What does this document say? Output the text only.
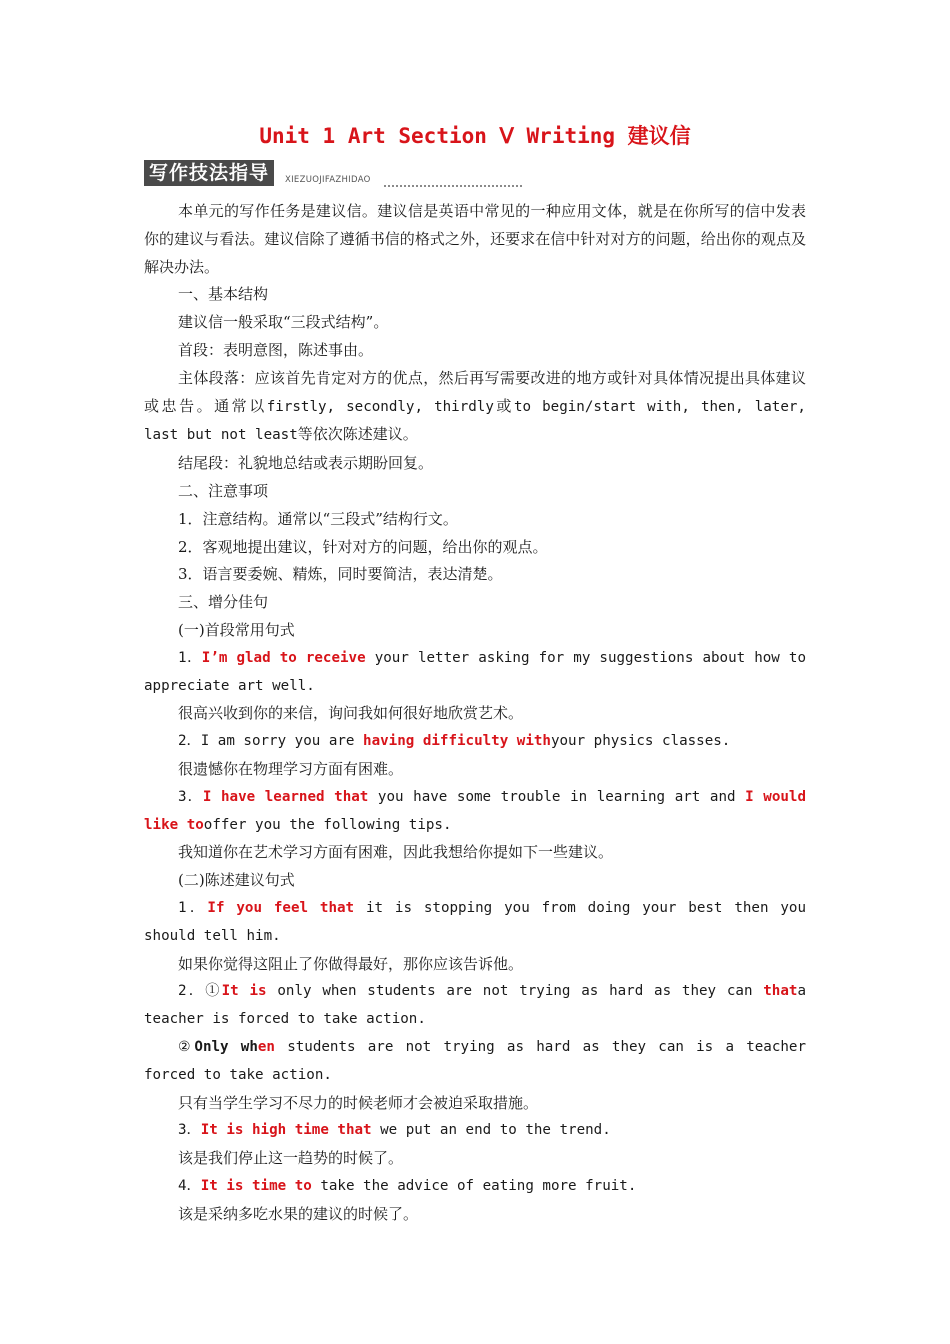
Unit 1 Art Section Ⅴ Writing 建议信
写作技法指导	XIEZUOJIFAZHIDAO

本单元的写作任务是建议信。建议信是英语中常见的一种应用文体，就是在你所写的信中发表你的建议与看法。建议信除了遵循书信的格式之外，还要求在信中针对对方的问题，给出你的观点及解决办法。

一、基本结构

建议信一般采取“三段式结构”。

首段：表明意图，陈述事由。

主体段落：应该首先肯定对方的优点，然后再写需要改进的地方或针对具体情况提出具体建议或忠告。通常以firstly, secondly, thirdly或to begin/start with, then, later, last but not least等依次陈述建议。

结尾段：礼貌地总结或表示期盼回复。

二、注意事项

1．注意结构。通常以“三段式”结构行文。

2．客观地提出建议，针对对方的问题，给出你的观点。

3．语言要委婉、精炼，同时要简洁，表达清楚。

三、增分佳句

(一)首段常用句式

1．I’m glad to receive your letter asking for my suggestions about how to appreciate art well.

很高兴收到你的来信，询问我如何很好地欣赏艺术。

2．I am sorry you are having difficulty withyour physics classes.

很遗憾你在物理学习方面有困难。

3．I have learned that you have some trouble in learning art and I would like tooffer you the following tips.

我知道你在艺术学习方面有困难，因此我想给你提如下一些建议。

(二)陈述建议句式

1．If you feel that it is stopping you from doing your best then you should tell him.

如果你觉得这阻止了你做得最好，那你应该告诉他。

2．①It is only when students are not trying as hard as they can thata teacher is forced to take action.

②Only when students are not trying as hard as they can is a teacher forced to take action.

只有当学生学习不尽力的时候老师才会被迫采取措施。

3．It is high time that we put an end to the trend.

该是我们停止这一趋势的时候了。

4．It is time to take the advice of eating more fruit.

该是采纳多吃水果的建议的时候了。
